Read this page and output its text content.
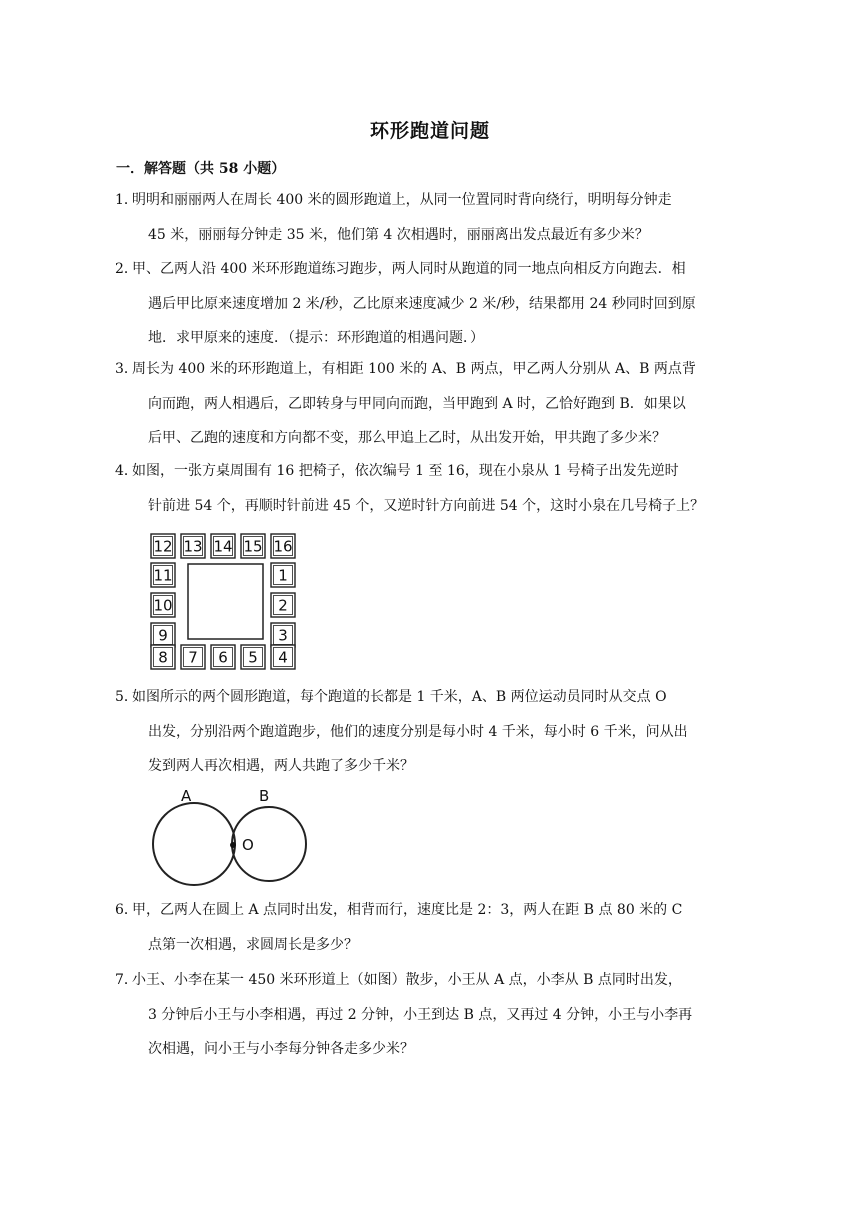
环形跑道问题
一．解答题（共 58 小题）
1．
明明和丽丽两人在周长 400 米的圆形跑道上，从同一位置同时背向绕行，明明每分钟走
45 米，丽丽每分钟走 35 米，他们第 4 次相遇时，丽丽离出发点最近有多少米？
2．
甲、乙两人沿 400 米环形跑道练习跑步，两人同时从跑道的同一地点向相反方向跑去．相
遇后甲比原来速度增加 2 米/秒，乙比原来速度减少 2 米/秒，结果都用 24 秒同时回到原
地．求甲原来的速度．（提示：环形跑道的相遇问题．）
3．
周长为 400 米的环形跑道上，有相距 100 米的 A、B 两点，甲乙两人分别从 A、B 两点背
向而跑，两人相遇后，乙即转身与甲同向而跑，当甲跑到 A 时，乙恰好跑到 B．如果以
后甲、乙跑的速度和方向都不变，那么甲追上乙时，从出发开始，甲共跑了多少米？
4．
如图，一张方桌周围有 16 把椅子，依次编号 1 至 16，现在小泉从 1 号椅子出发先逆时
针前进 54 个，再顺时针前进 45 个，又逆时针方向前进 54 个，这时小泉在几号椅子上？
12 13 14 15 16
11
10
9
1
2
3
8 7 6 5 4
5．
如图所示的两个圆形跑道，每个跑道的长都是 1 千米，A、B 两位运动员同时从交点 O
出发，分别沿两个跑道跑步，他们的速度分别是每小时 4 千米，每小时 6 千米，问从出
发到两人再次相遇，两人共跑了多少千米？
A	B
O
6．
甲，乙两人在圆上 A 点同时出发，相背而行，速度比是 2：3，两人在距 B 点 80 米的 C
点第一次相遇，求圆周长是多少？
7．
小王、小李在某一 450 米环形道上（如图）散步，小王从 A 点，小李从 B 点同时出发，
3 分钟后小王与小李相遇，再过 2 分钟，小王到达 B 点，又再过 4 分钟，小王与小李再
次相遇，问小王与小李每分钟各走多少米？
